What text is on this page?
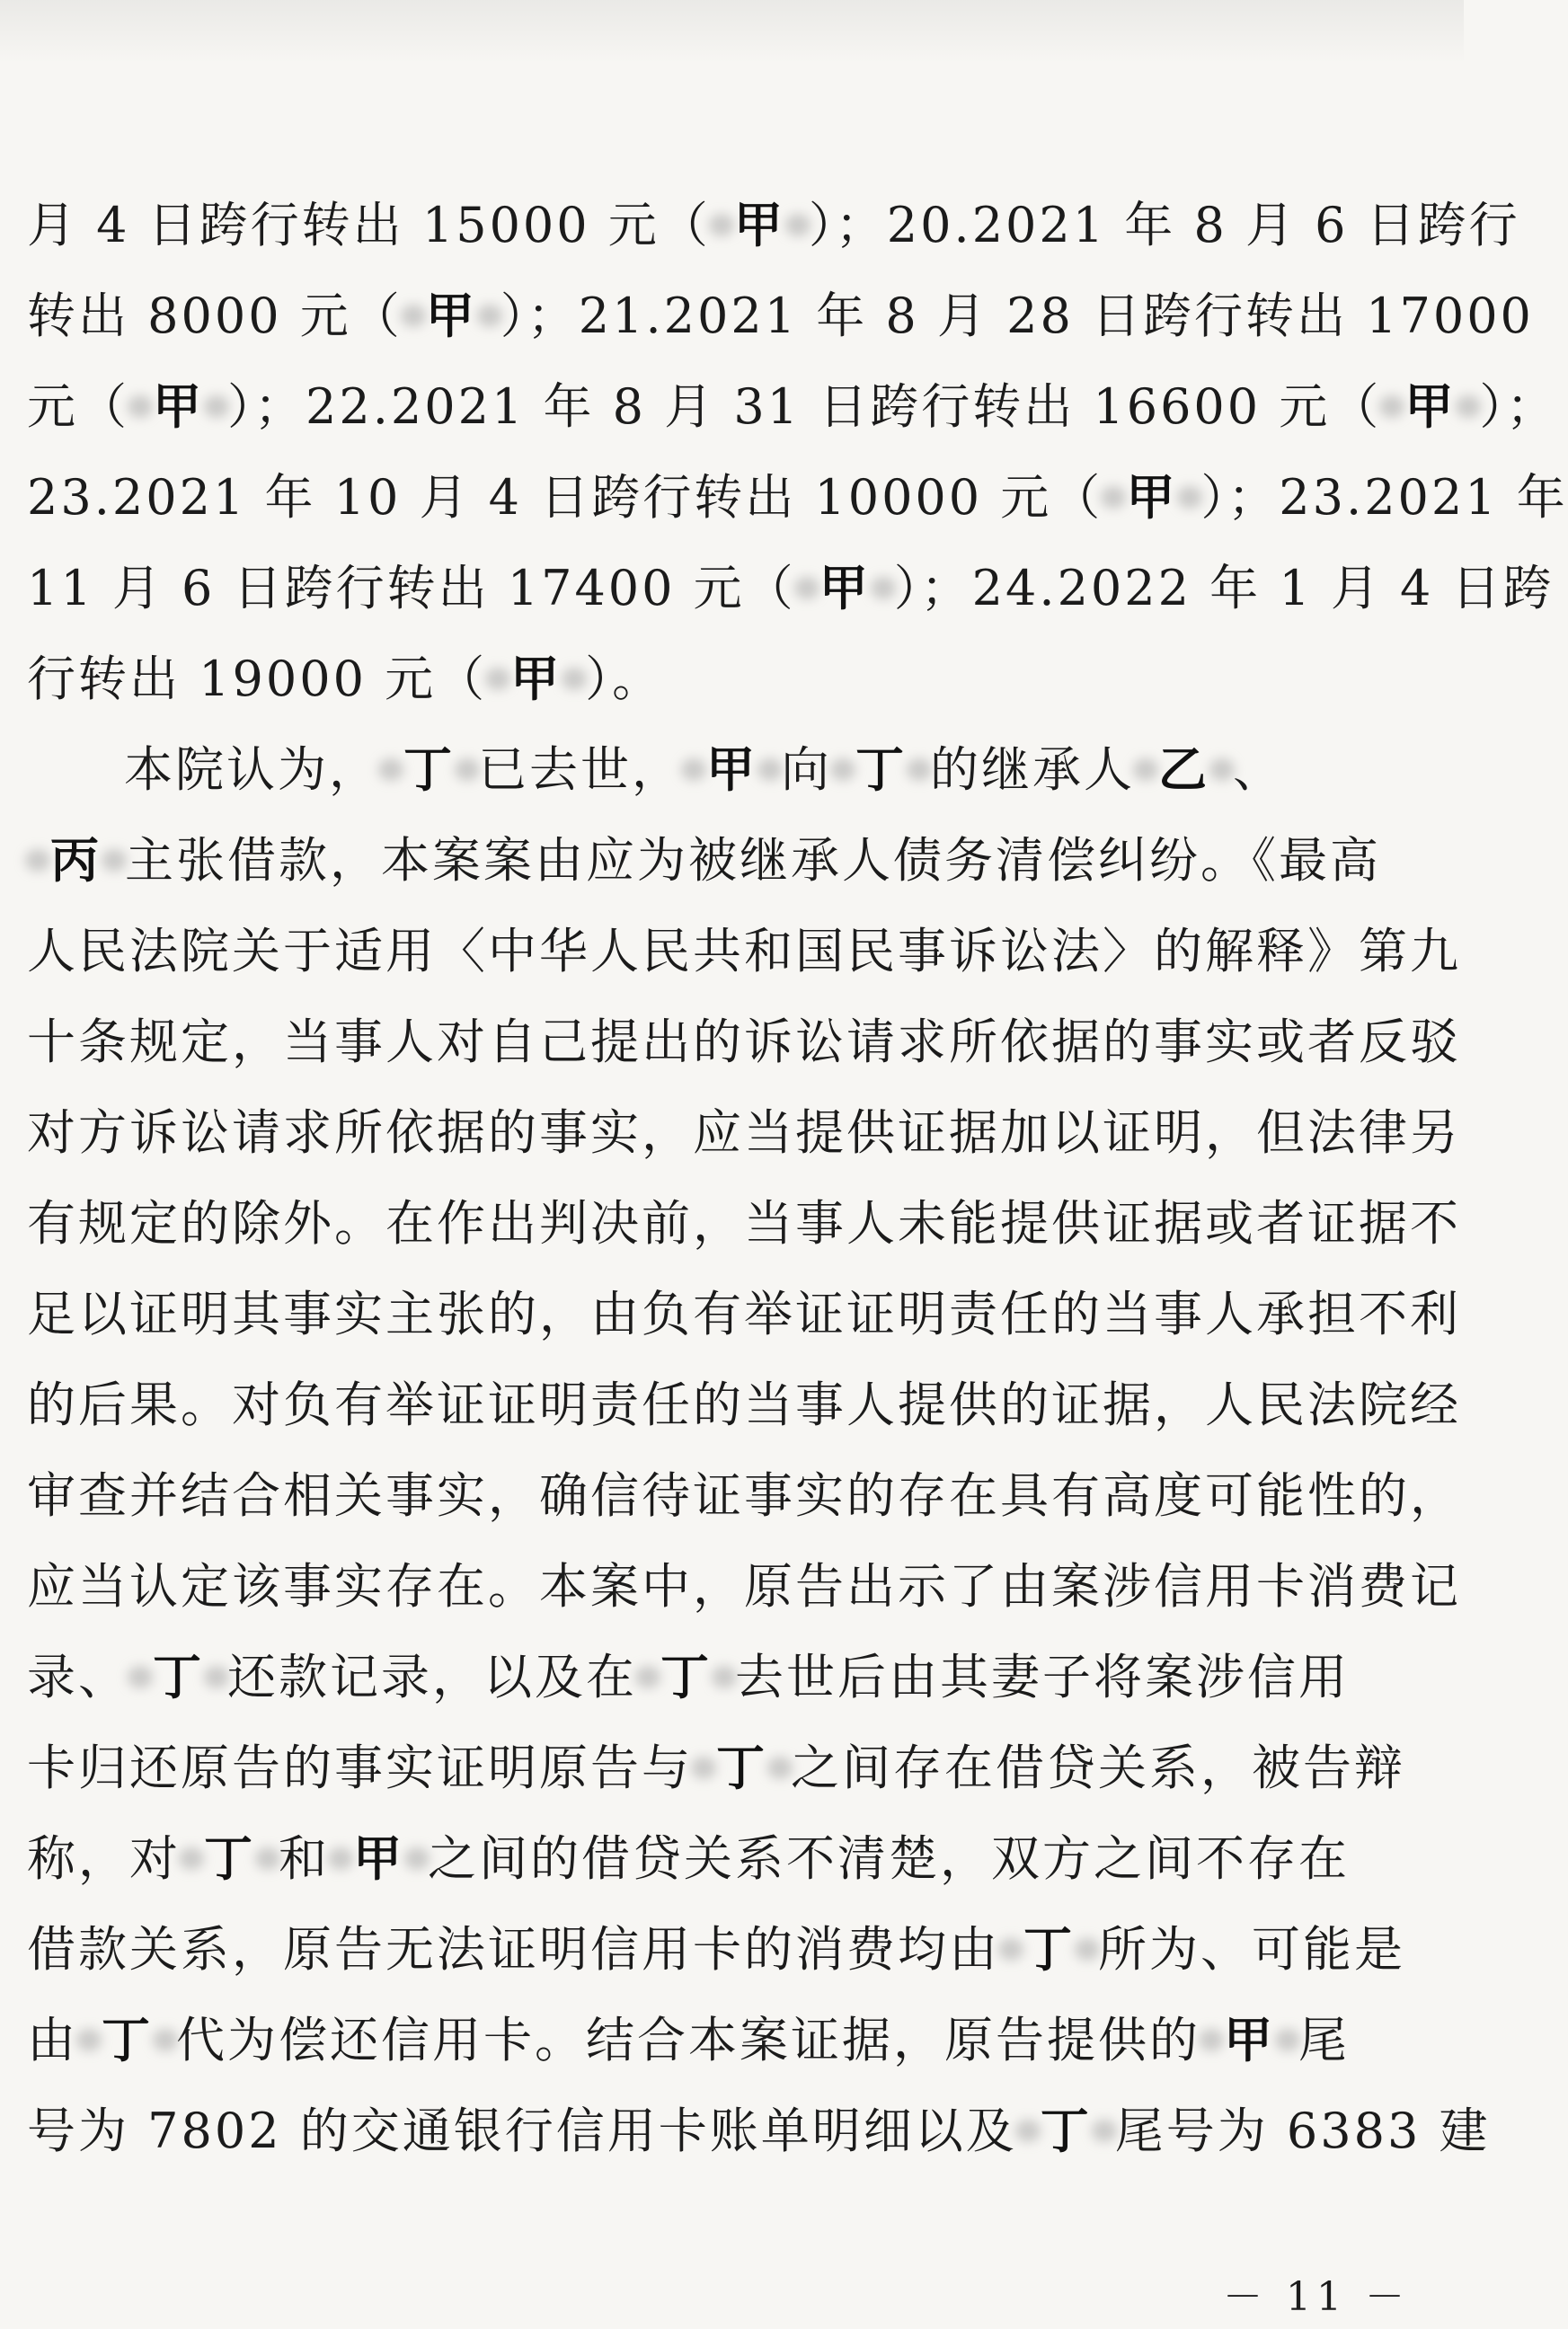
月 4 日跨行转出 15000 元（ 甲 ）；20.2021 年 8 月 6 日跨行
转出 8000 元（ 甲 ）；21.2021 年 8 月 28 日跨行转出 17000
元（ 甲 ）；22.2021 年 8 月 31 日跨行转出 16600 元（ 甲 ）；
23.2021 年 10 月 4 日跨行转出 10000 元（ 甲 ）；23.2021 年
11 月 6 日跨行转出 17400 元（ 甲 ）；24.2022 年 1 月 4 日跨
行转出 19000 元（ 甲 ）。
本院认为， 丁 已去世， 甲 向 丁 的继承人 乙 、
丙 主张借款，本案案由应为被继承人债务清偿纠纷。《最高
人民法院关于适用〈中华人民共和国民事诉讼法〉的解释》第九
十条规定，当事人对自己提出的诉讼请求所依据的事实或者反驳
对方诉讼请求所依据的事实，应当提供证据加以证明，但法律另
有规定的除外。在作出判决前，当事人未能提供证据或者证据不
足以证明其事实主张的，由负有举证证明责任的当事人承担不利
的后果。对负有举证证明责任的当事人提供的证据，人民法院经
审查并结合相关事实，确信待证事实的存在具有高度可能性的，
应当认定该事实存在。本案中，原告出示了由案涉信用卡消费记
录、 丁 还款记录，以及在 丁 去世后由其妻子将案涉信用
卡归还原告的事实证明原告与 丁 之间存在借贷关系，被告辩
称，对 丁 和 甲 之间的借贷关系不清楚，双方之间不存在
借款关系，原告无法证明信用卡的消费均由 丁 所为、可能是
由 丁 代为偿还信用卡。结合本案证据，原告提供的 甲 尾
号为 7802 的交通银行信用卡账单明细以及 丁 尾号为 6383 建
－ 11 －
